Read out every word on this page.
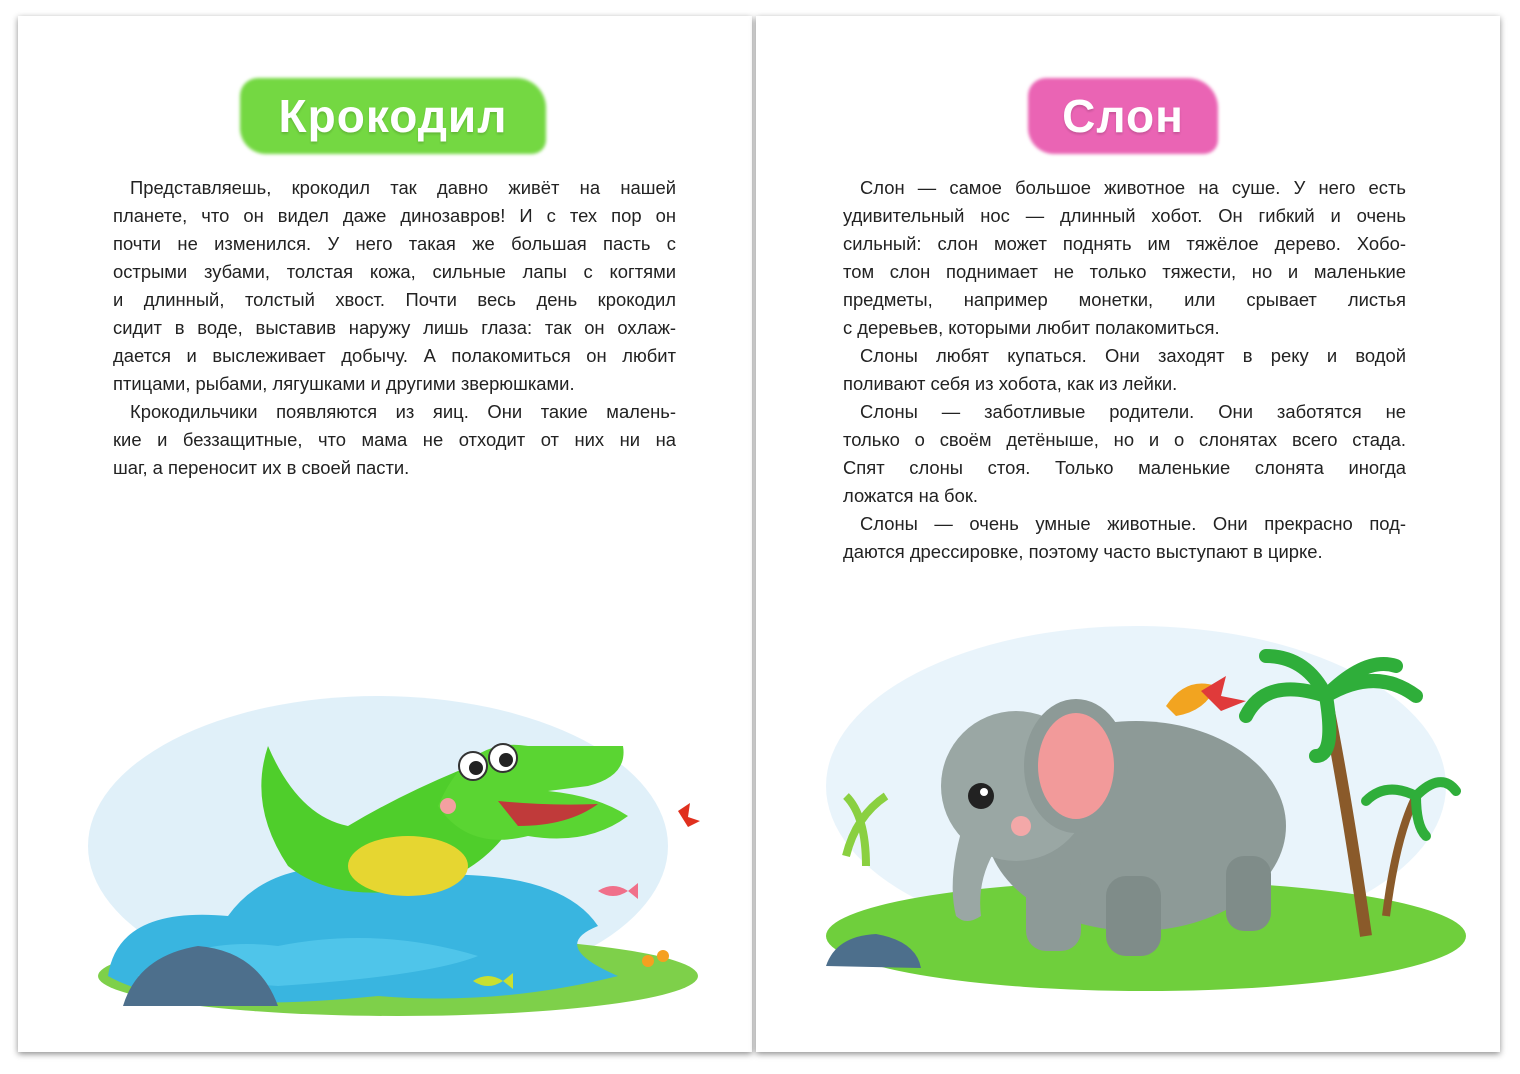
Крокодил
Представляешь, крокодил так давно живёт на нашей
планете, что он видел даже динозавров! И с тех пор он
почти не изменился. У него такая же большая пасть с
острыми зубами, толстая кожа, сильные лапы с когтями
и длинный, толстый хвост. Почти весь день крокодил
сидит в воде, выставив наружу лишь глаза: так он охлаж-
дается и выслеживает добычу. А полакомиться он любит
птицами, рыбами, лягушками и другими зверюшками.
Крокодильчики появляются из яиц. Они такие малень-
кие и беззащитные, что мама не отходит от них ни на
шаг, а переносит их в своей пасти.
Слон
Слон — самое большое животное на суше. У него есть
удивительный нос — длинный хобот. Он гибкий и очень
сильный: слон может поднять им тяжёлое дерево. Хобо-
том слон поднимает не только тяжести, но и маленькие
предметы, например монетки, или срывает листья
с деревьев, которыми любит полакомиться.
Слоны любят купаться. Они заходят в реку и водой
поливают себя из хобота, как из лейки.
Слоны — заботливые родители. Они заботятся не
только о своём детёныше, но и о слонятах всего стада.
Спят слоны стоя. Только маленькие слонята иногда
ложатся на бок.
Слоны — очень умные животные. Они прекрасно под-
даются дрессировке, поэтому часто выступают в цирке.
